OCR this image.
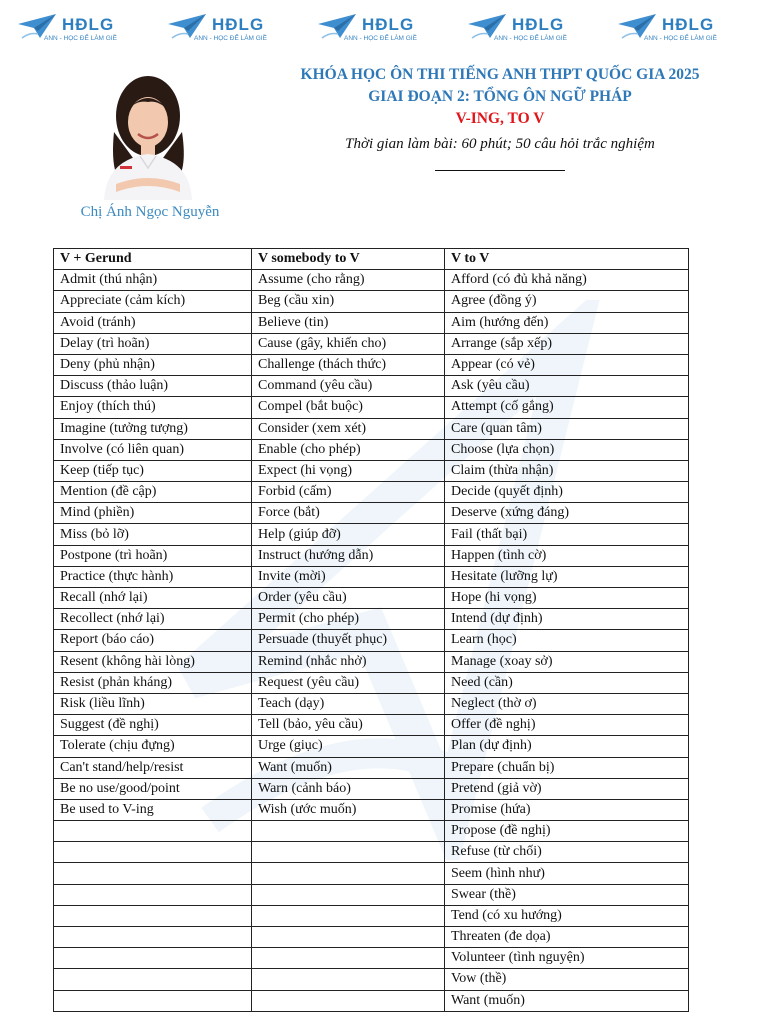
HĐLG
ANN - HỌC ĐỂ LÀM GIỀ
HĐLG
ANN - HỌC ĐỂ LÀM GIỀ
HĐLG
ANN - HỌC ĐỂ LÀM GIỀ
HĐLG
ANN - HỌC ĐỂ LÀM GIỀ
HĐLG
ANN - HỌC ĐỂ LÀM GIỀ
Chị Ánh Ngọc Nguyễn
KHÓA HỌC ÔN THI TIẾNG ANH THPT QUỐC GIA 2025
GIAI ĐOẠN 2: TỔNG ÔN NGỮ PHÁP
V-ING, TO V
Thời gian làm bài: 60 phút; 50 câu hỏi trắc nghiệm
V + Gerund	V somebody to V	V to V
Admit (thú nhận)	Assume (cho rằng)	Afford (có đủ khả năng)
Appreciate (cảm kích)	Beg (cầu xin)	Agree (đồng ý)
Avoid (tránh)	Believe (tin)	Aim (hướng đến)
Delay (trì hoãn)	Cause (gây, khiến cho)	Arrange (sắp xếp)
Deny (phủ nhận)	Challenge (thách thức)	Appear (có vẻ)
Discuss (thảo luận)	Command (yêu cầu)	Ask (yêu cầu)
Enjoy (thích thú)	Compel (bắt buộc)	Attempt (cố gắng)
Imagine (tưởng tượng)	Consider (xem xét)	Care (quan tâm)
Involve (có liên quan)	Enable (cho phép)	Choose (lựa chọn)
Keep (tiếp tục)	Expect (hi vọng)	Claim (thừa nhận)
Mention (đề cập)	Forbid (cấm)	Decide (quyết định)
Mind (phiền)	Force (bắt)	Deserve (xứng đáng)
Miss (bỏ lỡ)	Help (giúp đỡ)	Fail (thất bại)
Postpone (trì hoãn)	Instruct (hướng dẫn)	Happen (tình cờ)
Practice (thực hành)	Invite (mời)	Hesitate (lưỡng lự)
Recall (nhớ lại)	Order (yêu cầu)	Hope (hi vọng)
Recollect (nhớ lại)	Permit (cho phép)	Intend (dự định)
Report (báo cáo)	Persuade (thuyết phục)	Learn (học)
Resent (không hài lòng)	Remind (nhắc nhở)	Manage (xoay sở)
Resist (phản kháng)	Request (yêu cầu)	Need (cần)
Risk (liều lĩnh)	Teach (dạy)	Neglect (thờ ơ)
Suggest (đề nghị)	Tell (bảo, yêu cầu)	Offer (đề nghị)
Tolerate (chịu đựng)	Urge (giục)	Plan (dự định)
Can't stand/help/resist	Want (muốn)	Prepare (chuẩn bị)
Be no use/good/point	Warn (cảnh báo)	Pretend (giả vờ)
Be used to V-ing	Wish (ước muốn)	Promise (hứa)
		Propose (đề nghị)
		Refuse (từ chối)
		Seem (hình như)
		Swear (thề)
		Tend (có xu hướng)
		Threaten (đe dọa)
		Volunteer (tình nguyện)
		Vow (thề)
		Want (muốn)
